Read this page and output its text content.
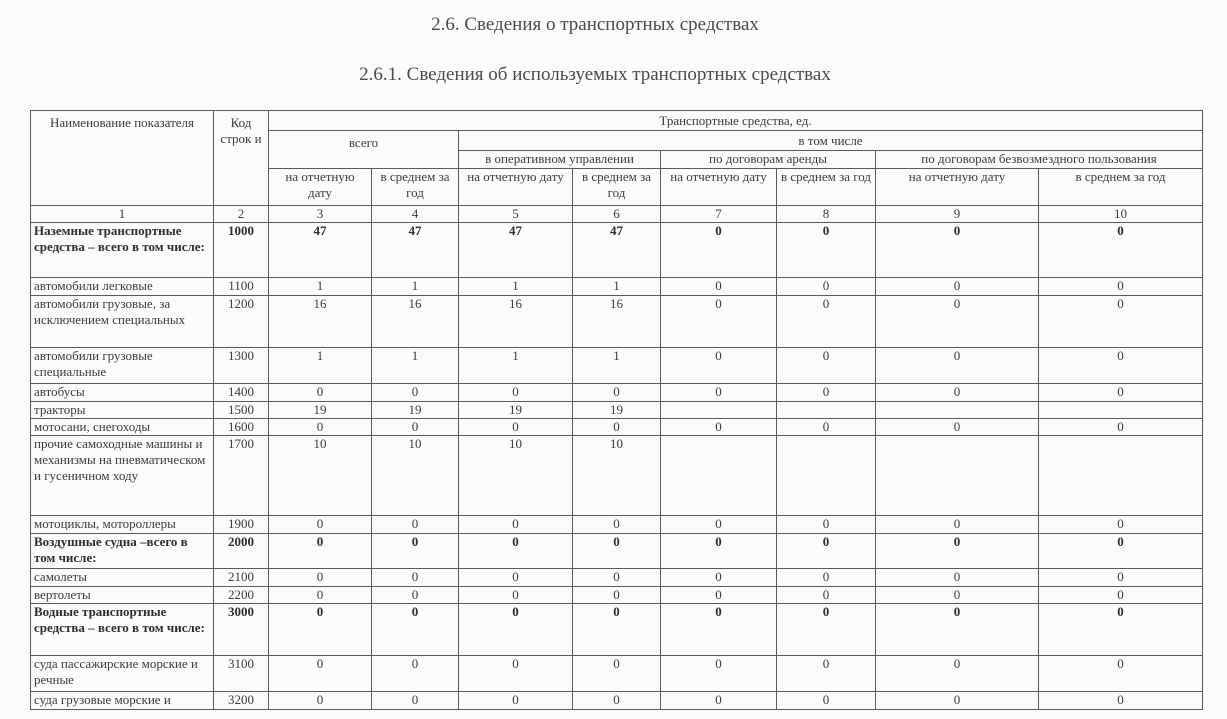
2.6. Сведения о транспортных средствах
2.6.1. Сведения об используемых транспортных средствах
Наименование показателя	Код строк и	Транспортные средства, ед.							
		всего		в том числе					
				в оперативном управлении		по договорам аренды		по договорам безвозмездного пользования	
		на отчетную дату	в среднем за год	на отчетную дату	в среднем за год	на отчетную дату	в среднем за год	на отчетную дату	в среднем за год
1	2	3	4	5	6	7	8	9	10
Наземные транспортные средства – всего в том числе:	1000	47	47	47	47	0	0	0	0
автомобили легковые	1100	1	1	1	1	0	0	0	0
автомобили грузовые, за исключением специальных	1200	16	16	16	16	0	0	0	0
автомобили грузовые специальные	1300	1	1	1	1	0	0	0	0
автобусы	1400	0	0	0	0	0	0	0	0
тракторы	1500	19	19	19	19				
мотосани, снегоходы	1600	0	0	0	0	0	0	0	0
прочие самоходные машины и механизмы на пневматическом и гусеничном ходу	1700	10	10	10	10				
мотоциклы, мотороллеры	1900	0	0	0	0	0	0	0	0
Воздушные судна –всего в том числе:	2000	0	0	0	0	0	0	0	0
самолеты	2100	0	0	0	0	0	0	0	0
вертолеты	2200	0	0	0	0	0	0	0	0
Водные транспортные средства – всего в том числе:	3000	0	0	0	0	0	0	0	0
суда пассажирские морские и речные	3100	0	0	0	0	0	0	0	0
суда грузовые морские и	3200	0	0	0	0	0	0	0	0
